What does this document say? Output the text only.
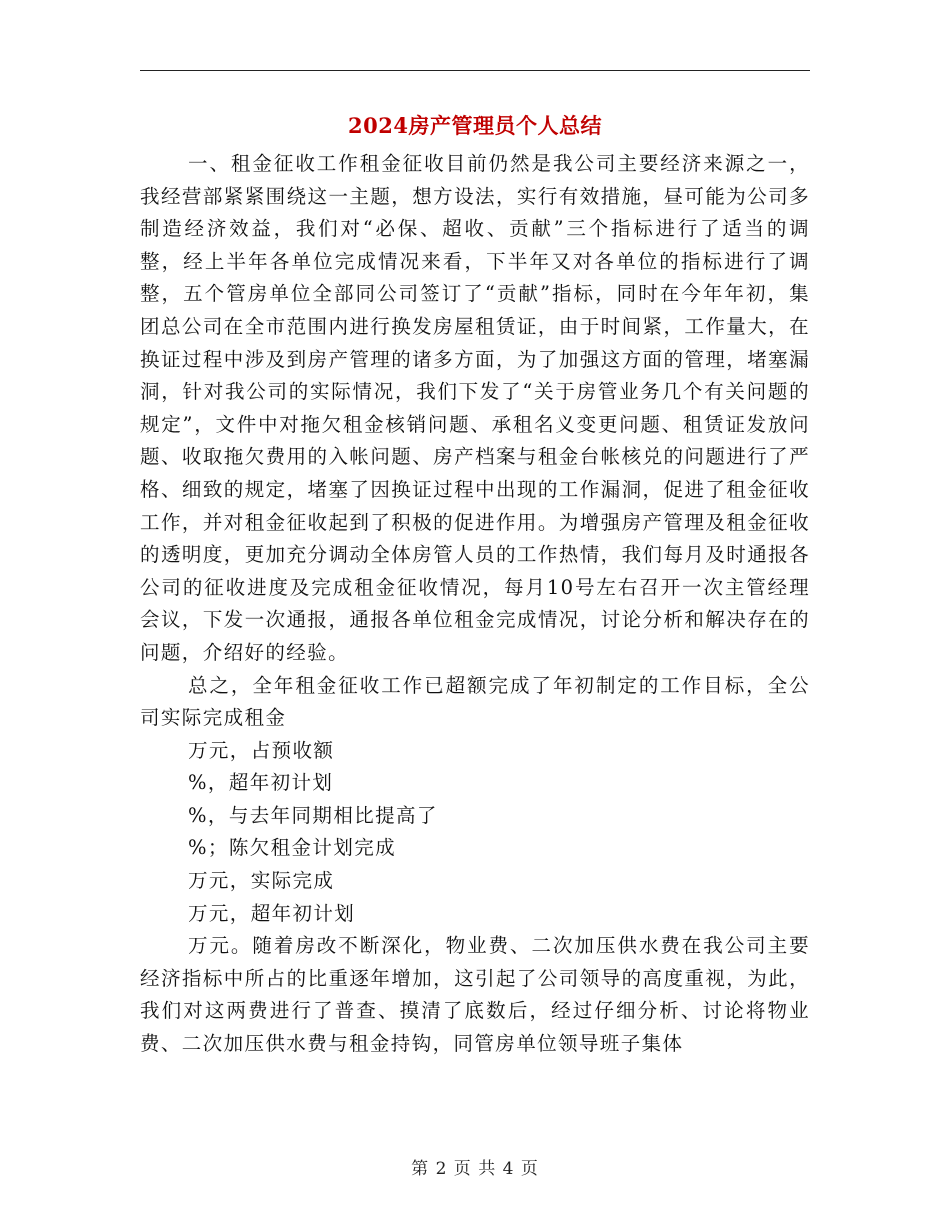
2024房产管理员个人总结

一、租金征收工作租金征收目前仍然是我公司主要经济来源之一，我经营部紧紧围绕这一主题，想方设法，实行有效措施，昼可能为公司多制造经济效益，我们对“必保、超收、贡献”三个指标进行了适当的调整，经上半年各单位完成情况来看，下半年又对各单位的指标进行了调整，五个管房单位全部同公司签订了“贡献”指标，同时在今年年初，集团总公司在全市范围内进行换发房屋租赁证，由于时间紧，工作量大，在换证过程中涉及到房产管理的诸多方面，为了加强这方面的管理，堵塞漏洞，针对我公司的实际情况，我们下发了“关于房管业务几个有关问题的规定”，文件中对拖欠租金核销问题、承租名义变更问题、租赁证发放问题、收取拖欠费用的入帐问题、房产档案与租金台帐核兑的问题进行了严格、细致的规定，堵塞了因换证过程中出现的工作漏洞，促进了租金征收工作，并对租金征收起到了积极的促进作用。为增强房产管理及租金征收的透明度，更加充分调动全体房管人员的工作热情，我们每月及时通报各公司的征收进度及完成租金征收情况，每月10号左右召开一次主管经理会议，下发一次通报，通报各单位租金完成情况，讨论分析和解决存在的问题，介绍好的经验。

总之，全年租金征收工作已超额完成了年初制定的工作目标，全公司实际完成租金

万元，占预收额

%，超年初计划

%，与去年同期相比提高了

%；陈欠租金计划完成

万元，实际完成

万元，超年初计划

万元。随着房改不断深化，物业费、二次加压供水费在我公司主要经济指标中所占的比重逐年增加，这引起了公司领导的高度重视，为此，我们对这两费进行了普查、摸清了底数后，经过仔细分析、讨论将物业费、二次加压供水费与租金持钩，同管房单位领导班子集体

第 2 页 共 4 页
